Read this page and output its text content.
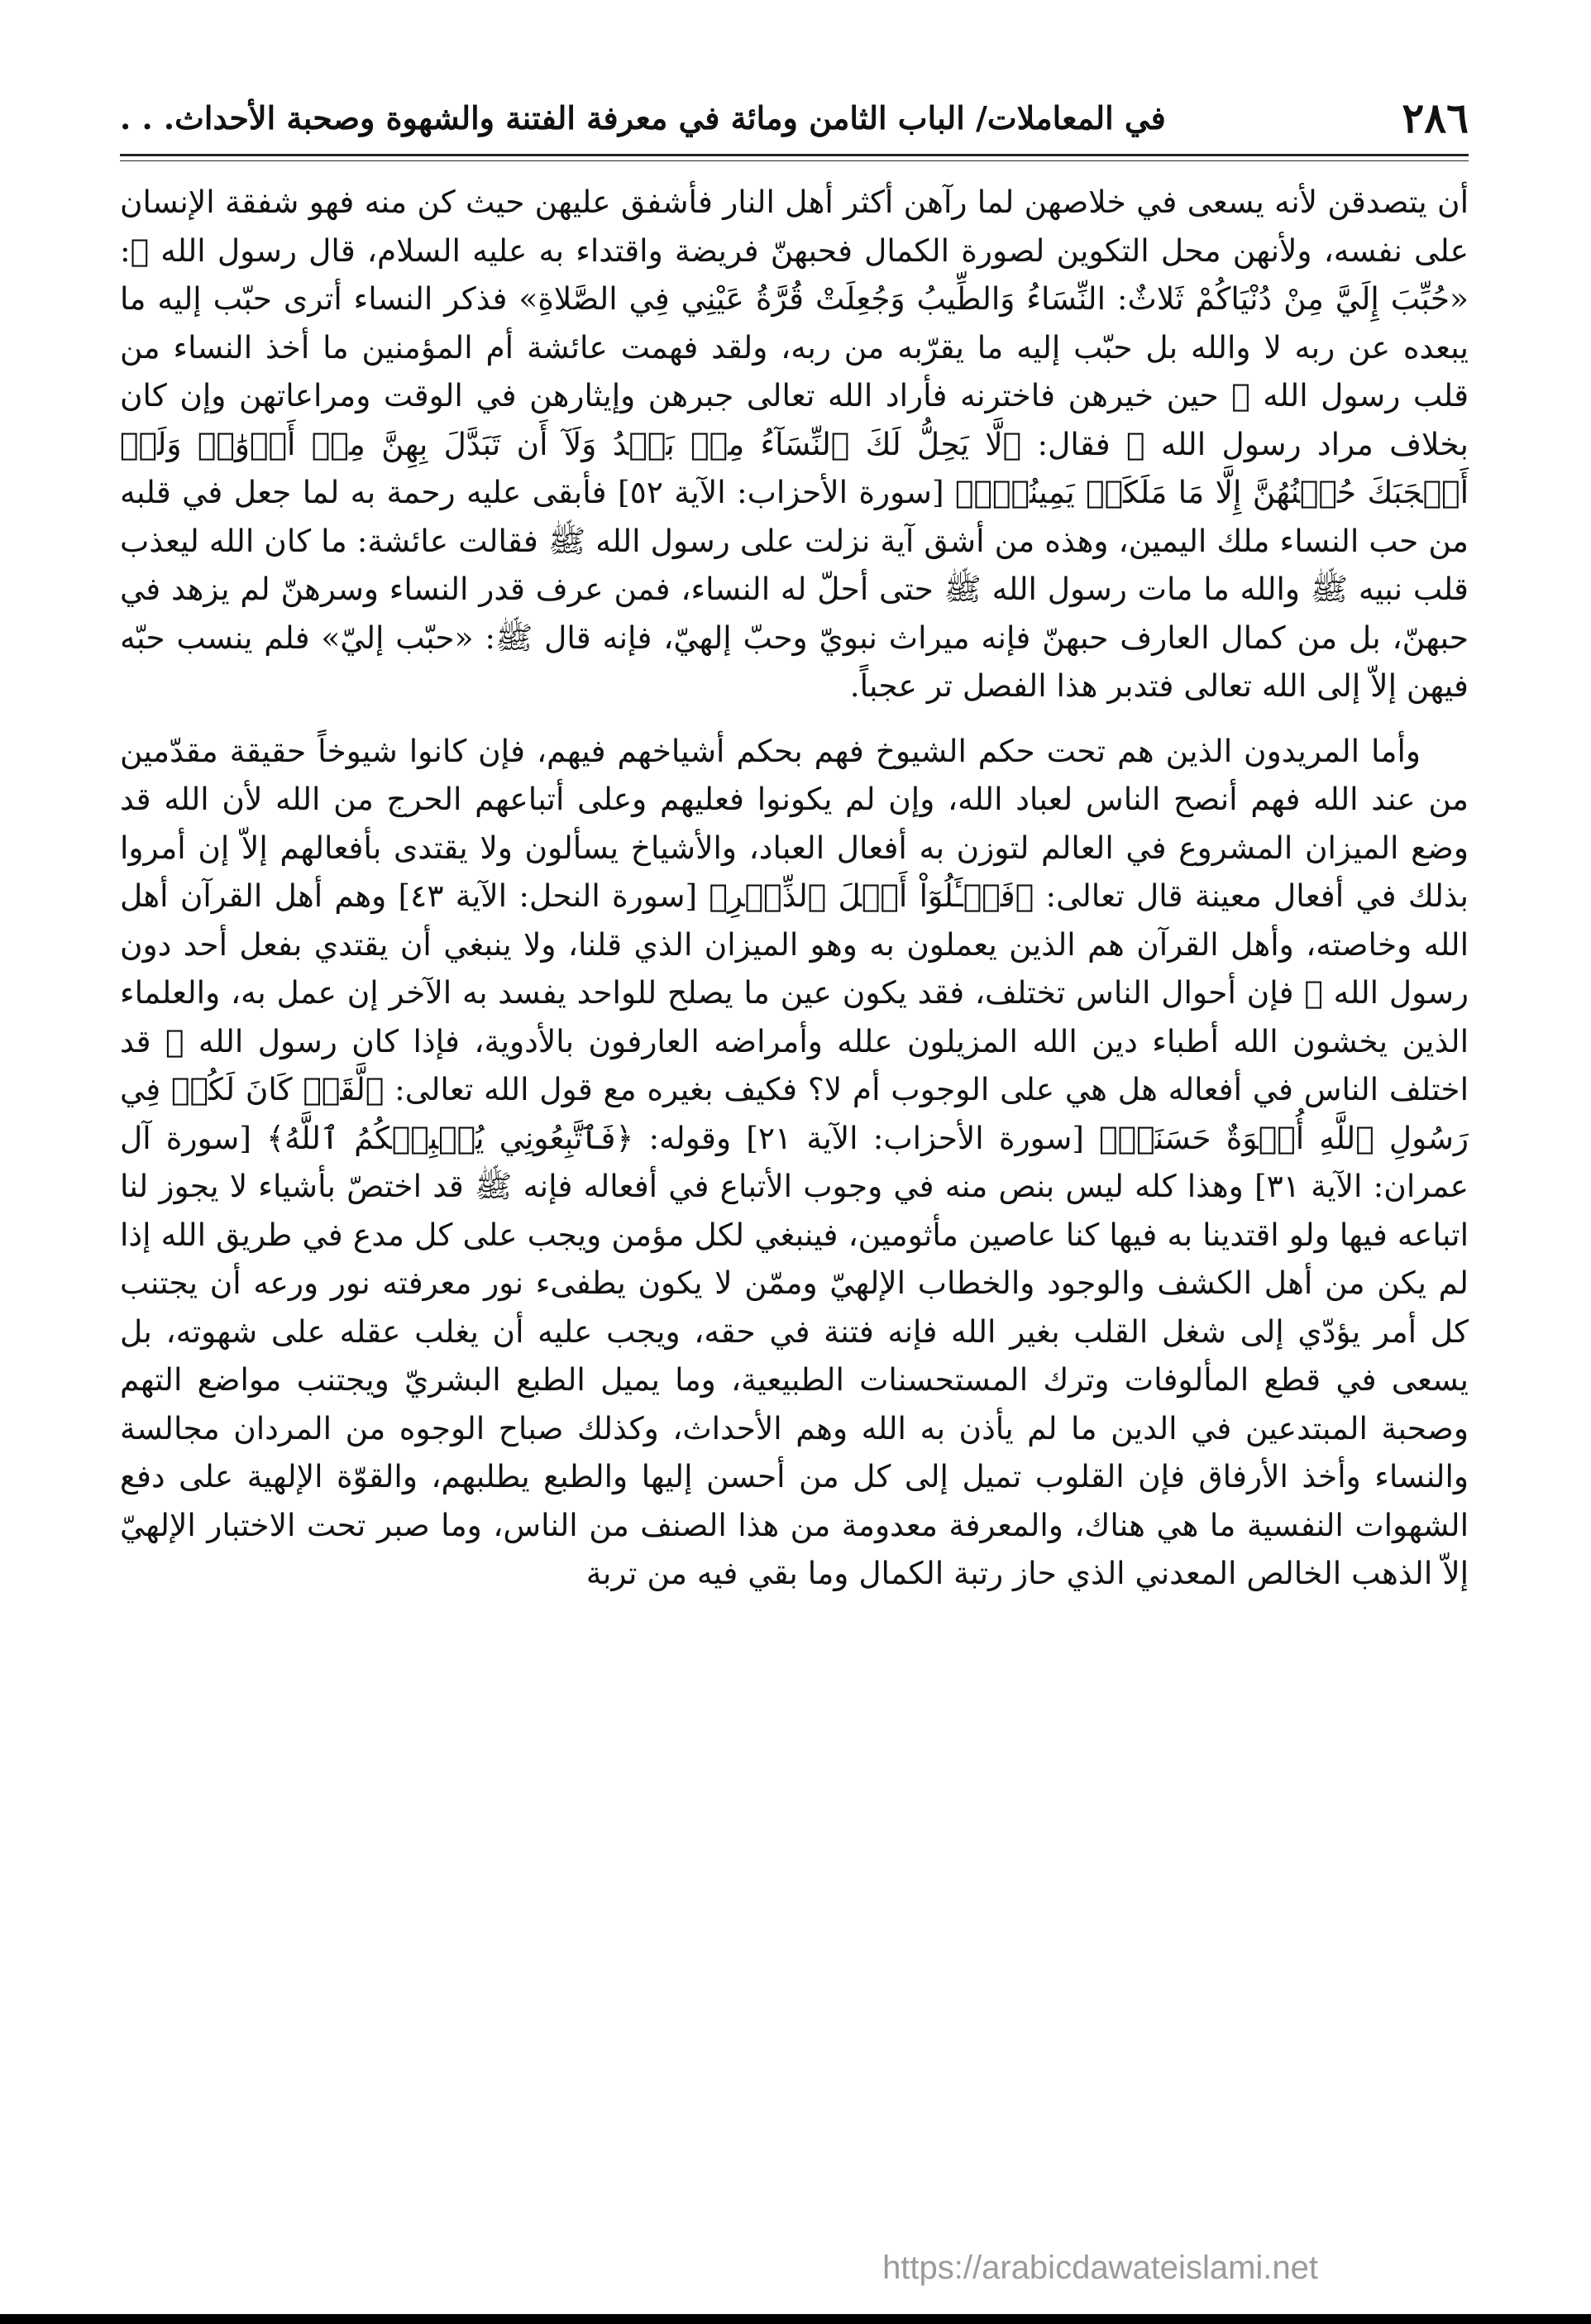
٢٨٦
في المعاملات/ الباب الثامن ومائة في معرفة الفتنة والشهوة وصحبة الأحداث. . .

أن يتصدقن لأنه يسعى في خلاصهن لما رآهن أكثر أهل النار فأشفق عليهن حيث كن منه فهو شفقة الإنسان على نفسه، ولأنهن محل التكوين لصورة الكمال فحبهنّ فريضة واقتداء به عليه السلام، قال رسول الله ﷺ: «حُبِّبَ إِلَيَّ مِنْ دُنْيَاكُمْ ثَلاثٌ: النِّسَاءُ وَالطِّيبُ وَجُعِلَتْ قُرَّةُ عَيْنِي فِي الصَّلاةِ» فذكر النساء أترى حبّب إليه ما يبعده عن ربه لا والله بل حبّب إليه ما يقرّبه من ربه، ولقد فهمت عائشة أم المؤمنين ما أخذ النساء من قلب رسول الله ﷺ حين خيرهن فاخترنه فأراد الله تعالى جبرهن وإيثارهن في الوقت ومراعاتهن وإن كان بخلاف مراد رسول الله ﷺ فقال: ﴿لَّا يَحِلُّ لَكَ ٱلنِّسَآءُ مِنۢ بَعۡدُ وَلَآ أَن تَبَدَّلَ بِهِنَّ مِنۡ أَزۡوَٰجٖ وَلَوۡ أَعۡجَبَكَ حُسۡنُهُنَّ إِلَّا مَا مَلَكَتۡ يَمِينُكَۗ﴾ [سورة الأحزاب: الآية ٥٢] فأبقى عليه رحمة به لما جعل في قلبه من حب النساء ملك اليمين، وهذه من أشق آية نزلت على رسول الله ﷺ فقالت عائشة: ما كان الله ليعذب قلب نبيه ﷺ والله ما مات رسول الله ﷺ حتى أحلّ له النساء، فمن عرف قدر النساء وسرهنّ لم يزهد في حبهنّ، بل من كمال العارف حبهنّ فإنه ميراث نبويّ وحبّ إلهيّ، فإنه قال ﷺ: «حبّب إليّ» فلم ينسب حبّه فيهن إلاّ إلى الله تعالى فتدبر هذا الفصل تر عجباً.

وأما المريدون الذين هم تحت حكم الشيوخ فهم بحكم أشياخهم فيهم، فإن كانوا شيوخاً حقيقة مقدّمين من عند الله فهم أنصح الناس لعباد الله، وإن لم يكونوا فعليهم وعلى أتباعهم الحرج من الله لأن الله قد وضع الميزان المشروع في العالم لتوزن به أفعال العباد، والأشياخ يسألون ولا يقتدى بأفعالهم إلاّ إن أمروا بذلك في أفعال معينة قال تعالى: ﴿فَسۡـَٔلُوٓاْ أَهۡلَ ٱلذِّكۡرِ﴾ [سورة النحل: الآية ٤٣] وهم أهل القرآن أهل الله وخاصته، وأهل القرآن هم الذين يعملون به وهو الميزان الذي قلنا، ولا ينبغي أن يقتدي بفعل أحد دون رسول الله ﷺ فإن أحوال الناس تختلف، فقد يكون عين ما يصلح للواحد يفسد به الآخر إن عمل به، والعلماء الذين يخشون الله أطباء دين الله المزيلون علله وأمراضه العارفون بالأدوية، فإذا كان رسول الله ﷺ قد اختلف الناس في أفعاله هل هي على الوجوب أم لا؟ فكيف بغيره مع قول الله تعالى: ﴿لَّقَدۡ كَانَ لَكُمۡ فِي رَسُولِ ٱللَّهِ أُسۡوَةٌ حَسَنَةٞ﴾ [سورة الأحزاب: الآية ٢١] وقوله: ﴿فَٱتَّبِعُونِي يُحۡبِبۡكُمُ ٱللَّهُ﴾ [سورة آل عمران: الآية ٣١] وهذا كله ليس بنص منه في وجوب الأتباع في أفعاله فإنه ﷺ قد اختصّ بأشياء لا يجوز لنا اتباعه فيها ولو اقتدينا به فيها كنا عاصين مأثومين، فينبغي لكل مؤمن ويجب على كل مدع في طريق الله إذا لم يكن من أهل الكشف والوجود والخطاب الإلهيّ وممّن لا يكون يطفىء نور معرفته نور ورعه أن يجتنب كل أمر يؤدّي إلى شغل القلب بغير الله فإنه فتنة في حقه، ويجب عليه أن يغلب عقله على شهوته، بل يسعى في قطع المألوفات وترك المستحسنات الطبيعية، وما يميل الطبع البشريّ ويجتنب مواضع التهم وصحبة المبتدعين في الدين ما لم يأذن به الله وهم الأحداث، وكذلك صباح الوجوه من المردان مجالسة والنساء وأخذ الأرفاق فإن القلوب تميل إلى كل من أحسن إليها والطبع يطلبهم، والقوّة الإلهية على دفع الشهوات النفسية ما هي هناك، والمعرفة معدومة من هذا الصنف من الناس، وما صبر تحت الاختبار الإلهيّ إلاّ الذهب الخالص المعدني الذي حاز رتبة الكمال وما بقي فيه من تربة

https://arabicdawateislami.net
